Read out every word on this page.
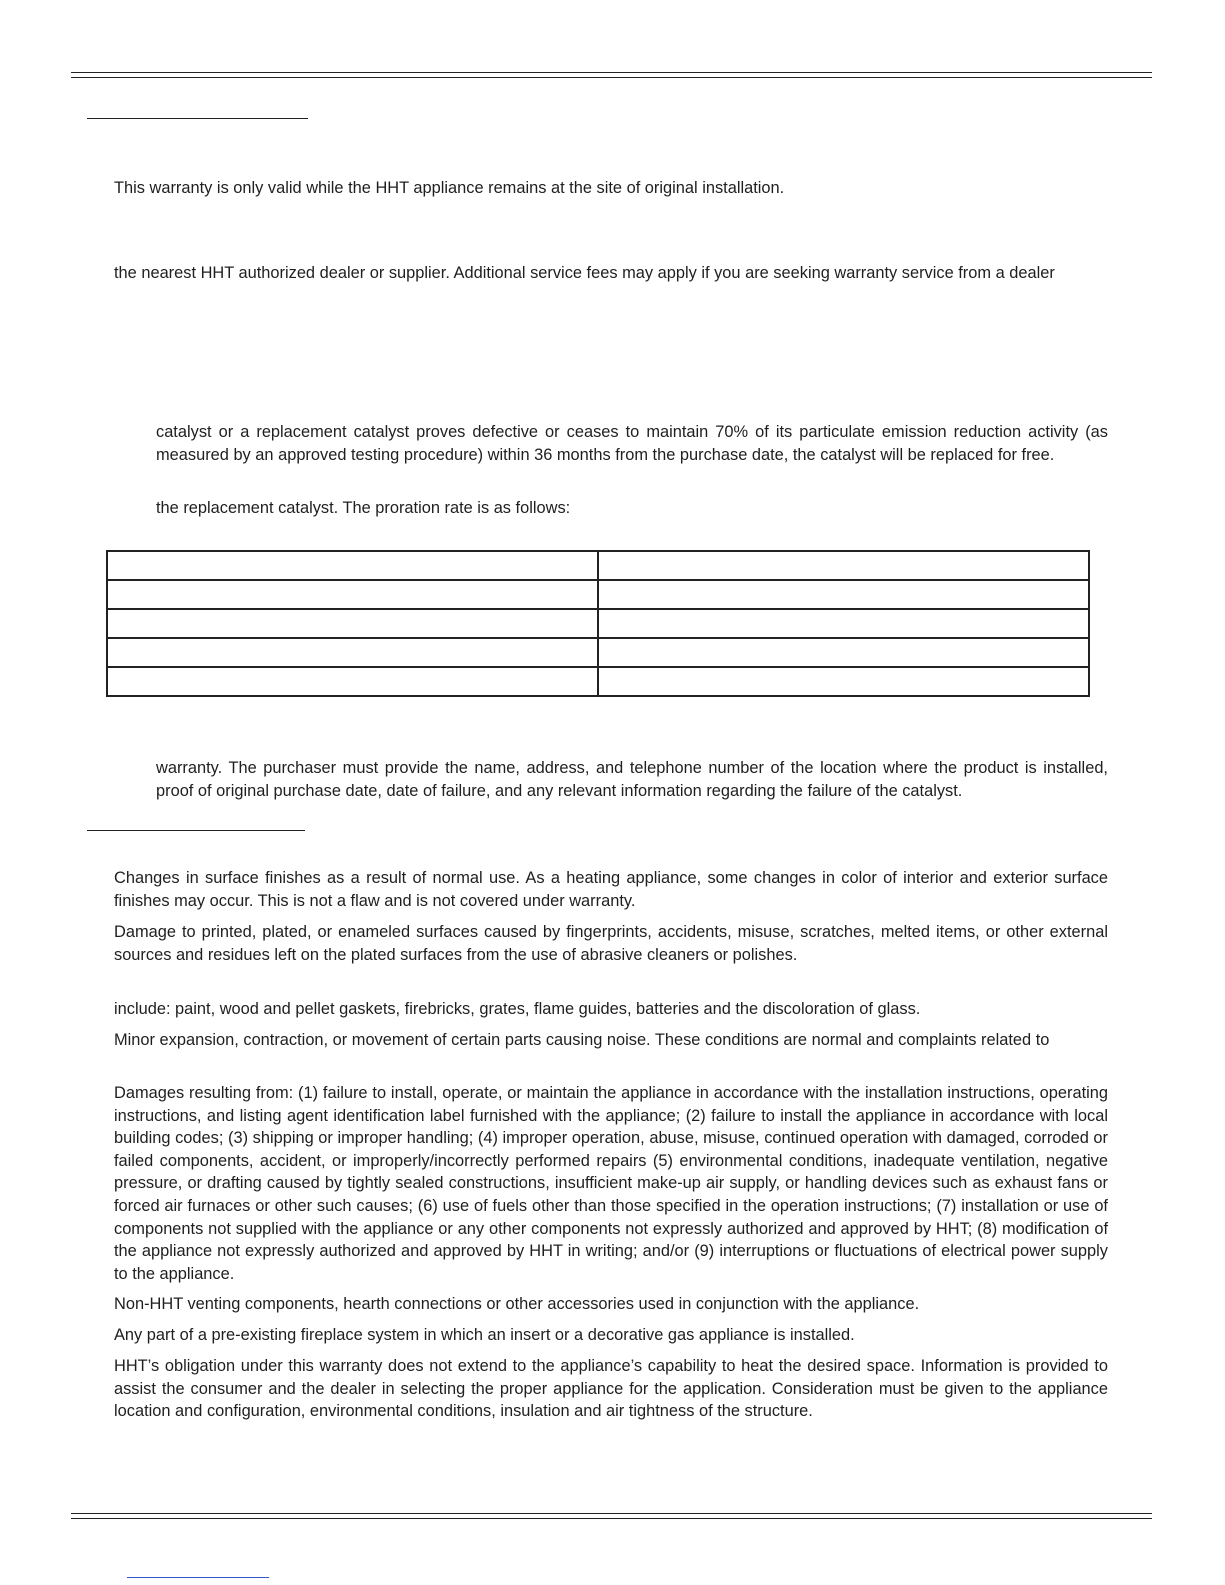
This warranty is only valid while the HHT appliance remains at the site of original installation.

the nearest HHT authorized dealer or supplier. Additional service fees may apply if you are seeking warranty service from a dealer

catalyst or a replacement catalyst proves defective or ceases to maintain 70% of its particulate emission reduction activity (as measured by an approved testing procedure) within 36 months from the purchase date, the catalyst will be replaced for free.

the replacement catalyst. The proration rate is as follows:

warranty. The purchaser must provide the name, address, and telephone number of the location where the product is installed, proof of original purchase date, date of failure, and any relevant information regarding the failure of the catalyst.

Changes in surface finishes as a result of normal use. As a heating appliance, some changes in color of interior and exterior surface finishes may occur. This is not a flaw and is not covered under warranty.

Damage to printed, plated, or enameled surfaces caused by fingerprints, accidents, misuse, scratches, melted items, or other external sources and residues left on the plated surfaces from the use of abrasive cleaners or polishes.

include: paint, wood and pellet gaskets, firebricks, grates, flame guides, batteries and the discoloration of glass.

Minor expansion, contraction, or movement of certain parts causing noise. These conditions are normal and complaints related to

Damages resulting from: (1) failure to install, operate, or maintain the appliance in accordance with the installation instructions, operating instructions, and listing agent identification label furnished with the appliance; (2) failure to install the appliance in accordance with local building codes; (3) shipping or improper handling; (4) improper operation, abuse, misuse, continued operation with damaged, corroded or failed components, accident, or improperly/incorrectly performed repairs (5) environmental conditions, inadequate ventilation, negative pressure, or drafting caused by tightly sealed constructions, insufficient make-up air supply, or handling devices such as exhaust fans or forced air furnaces or other such causes; (6) use of fuels other than those specified in the operation instructions; (7) installation or use of components not supplied with the appliance or any other components not expressly authorized and approved by HHT; (8) modification of the appliance not expressly authorized and approved by HHT in writing; and/or (9) interruptions or fluctuations of electrical power supply to the appliance.

Non-HHT venting components, hearth connections or other accessories used in conjunction with the appliance.

Any part of a pre-existing fireplace system in which an insert or a decorative gas appliance is installed.

HHT’s obligation under this warranty does not extend to the appliance’s capability to heat the desired space. Information is provided to assist the consumer and the dealer in selecting the proper appliance for the application. Consideration must be given to the appliance location and configuration, environmental conditions, insulation and air tightness of the structure.
